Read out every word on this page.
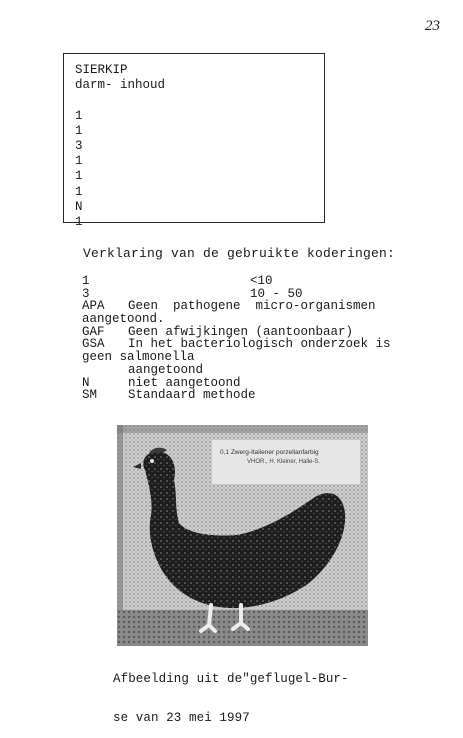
23
SIERKIP
darm- inhoud
1
1
3
1
1
1
N
1
Verklaring van de gebruikte koderingen:
1	<10
3	10 - 50
APA Geen  pathogene  micro-organismen
aangetoond.
GAF Geen afwijkingen (aantoonbaar)
GSA In het bacteriologisch onderzoek is
geen salmonella
aangetoond
N	niet aangetoond
SM Standaard methode
0,1 Zwerg-Italiener porzellanfarbig
VHOR., H. Kleiner, Halle-S.

Afbeelding uit de"geflugel-Bur-

se van 23 mei 1997
